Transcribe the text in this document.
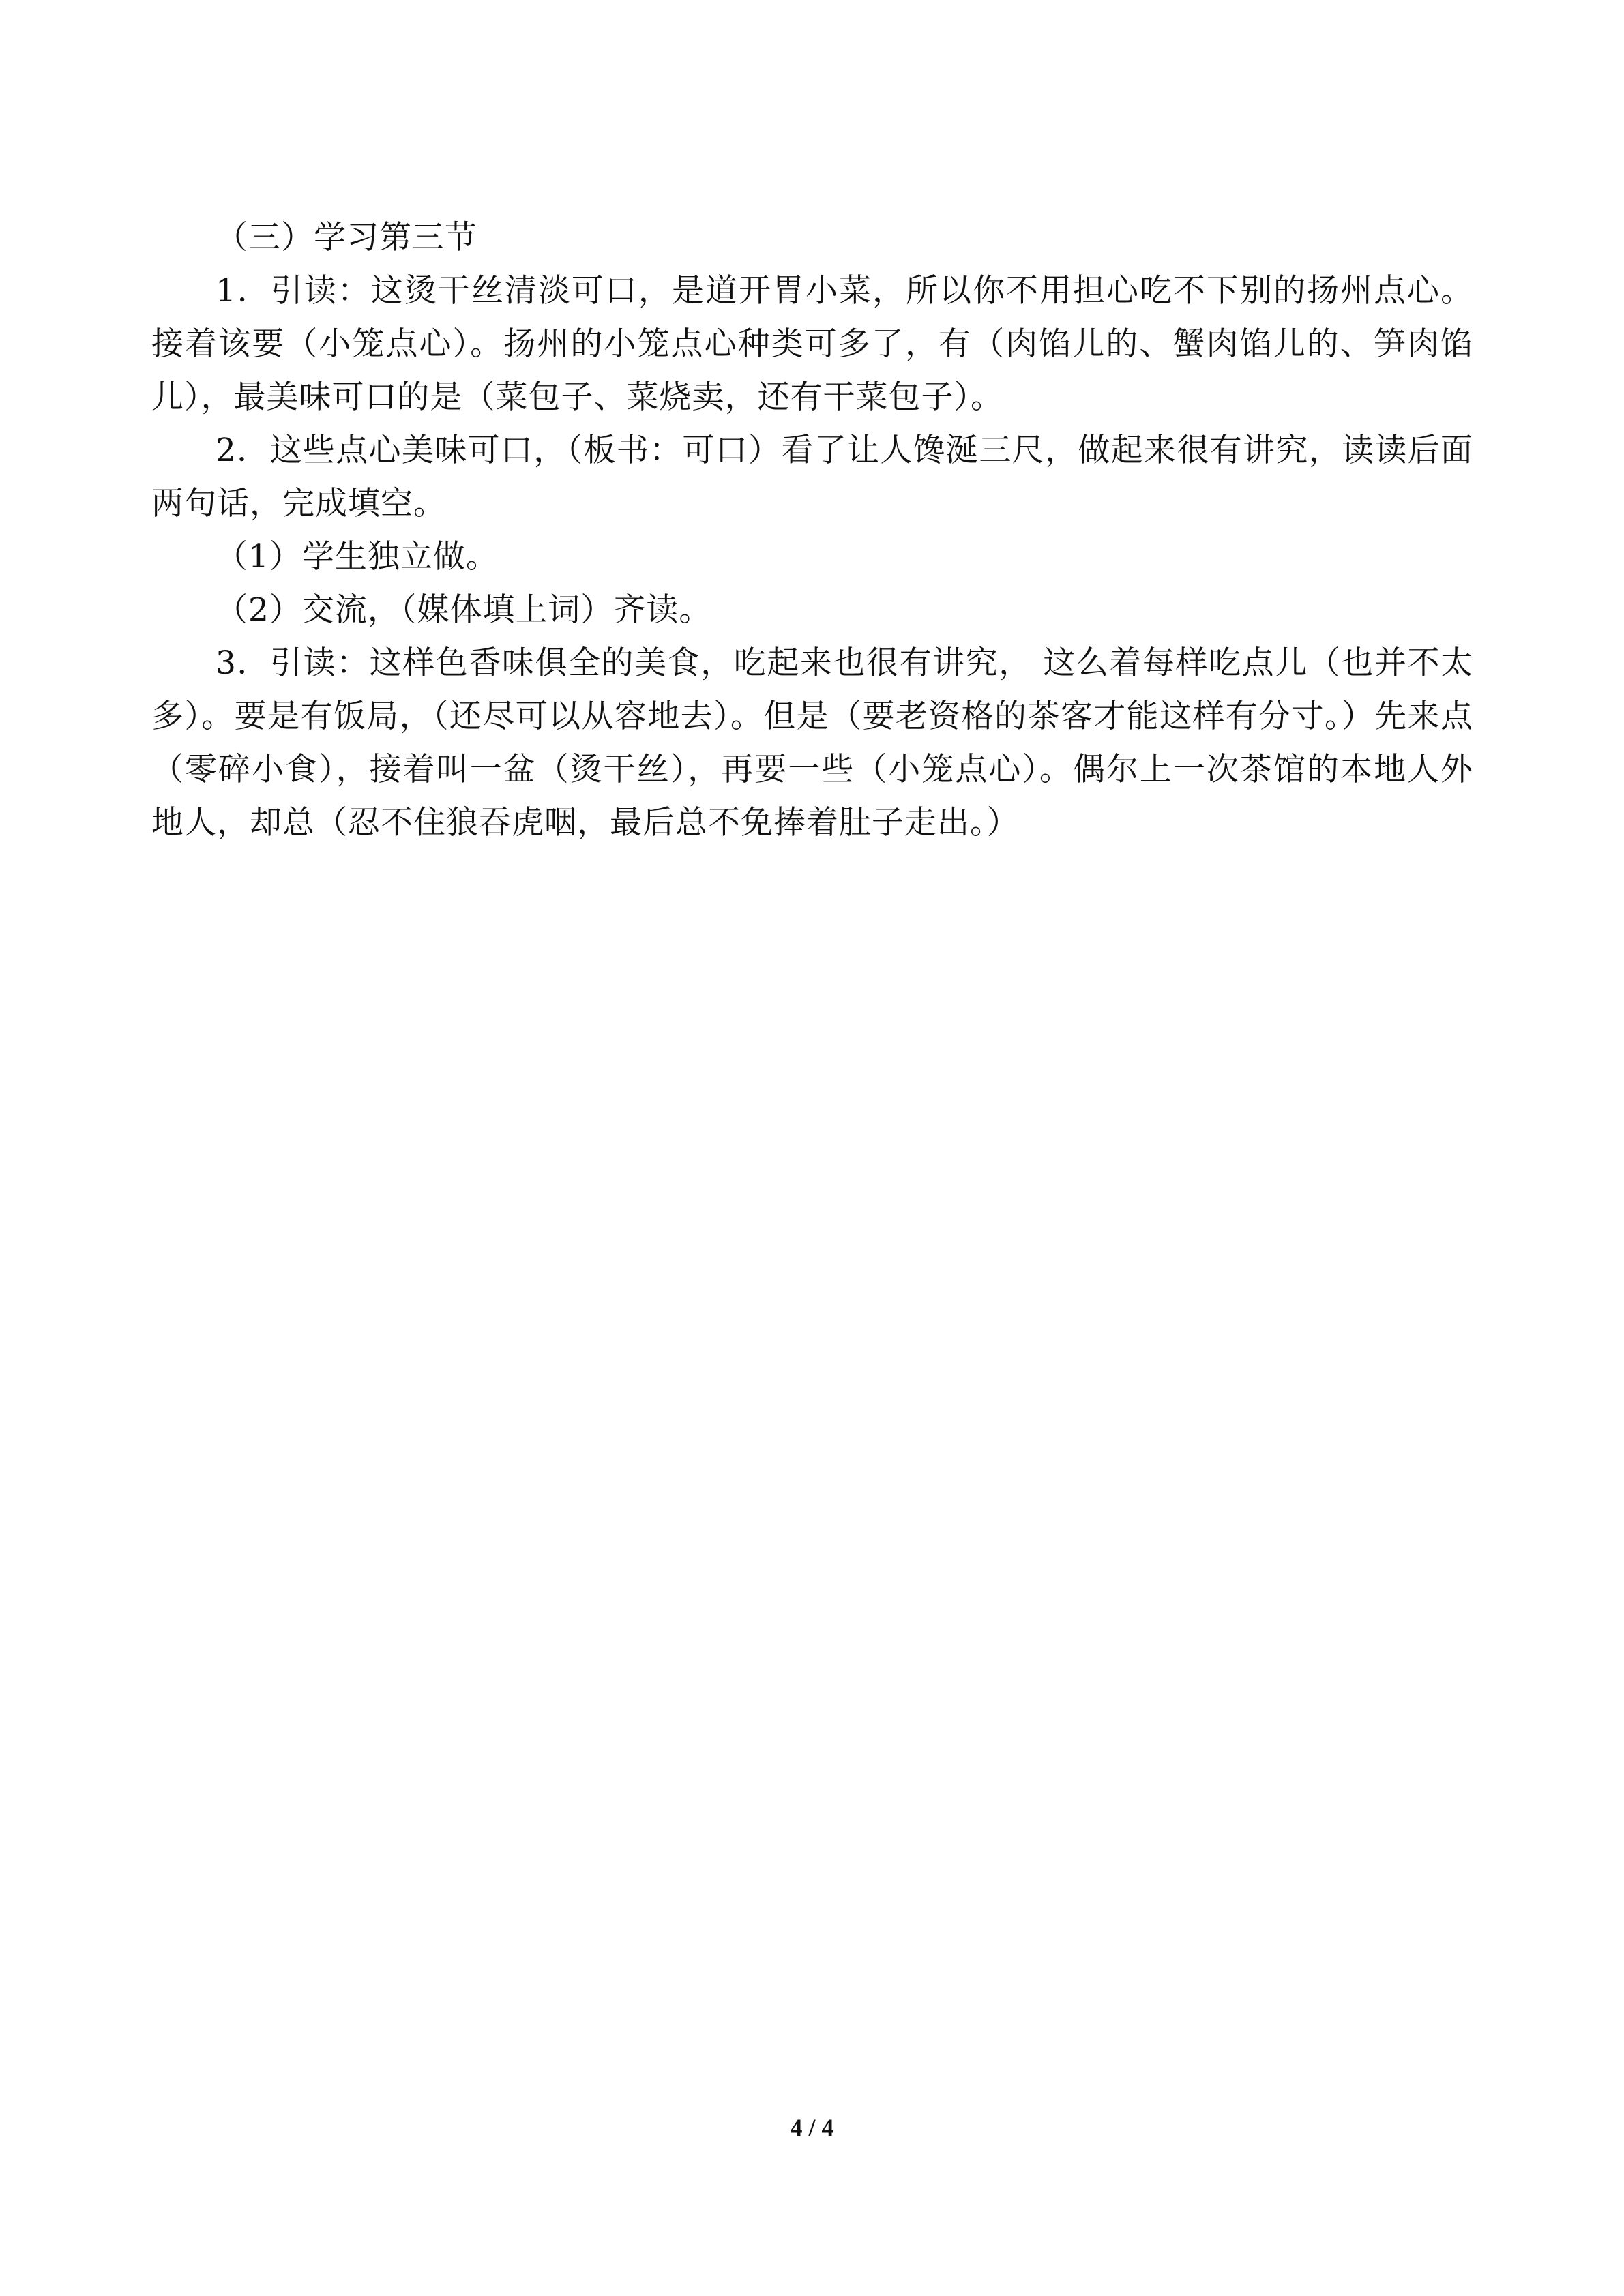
（三）学习第三节

1．引读：这烫干丝清淡可口，是道开胃小菜，所以你不用担心吃不下别的扬州点心。接着该要（小笼点心）。扬州的小笼点心种类可多了，有（肉馅儿的、蟹肉馅儿的、笋肉馅儿），最美味可口的是（菜包子、菜烧卖，还有干菜包子）。

2．这些点心美味可口，（板书：可口）看了让人馋涎三尺，做起来很有讲究，读读后面两句话，完成填空。

（1）学生独立做。

（2）交流，（媒体填上词）齐读。

3．引读：这样色香味俱全的美食，吃起来也很有讲究， 这么着每样吃点儿（也并不太多）。要是有饭局，（还尽可以从容地去）。但是（要老资格的茶客才能这样有分寸。）先来点（零碎小食），接着叫一盆（烫干丝），再要一些（小笼点心）。偶尔上一次茶馆的本地人外地人，却总（忍不住狼吞虎咽，最后总不免捧着肚子走出。）

4 / 4
